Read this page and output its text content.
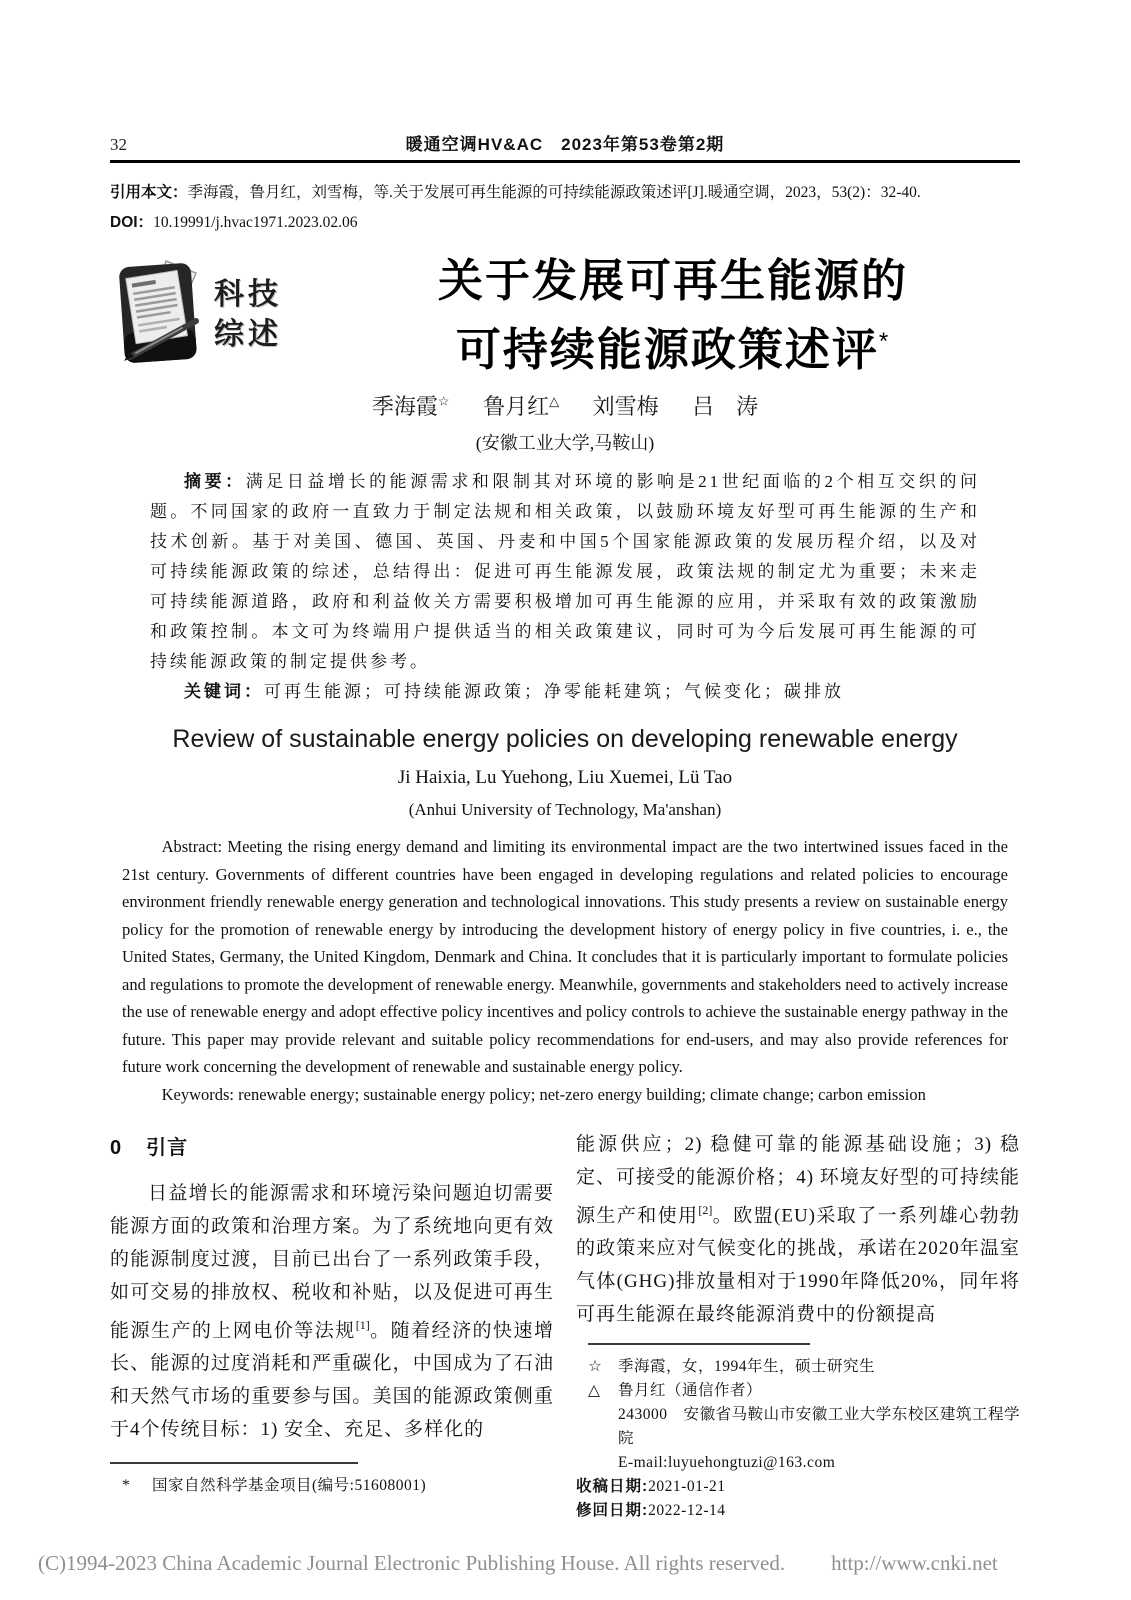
32	暖通空调HV&AC　2023年第53卷第2期

引用本文：季海霞，鲁月红，刘雪梅，等.关于发展可再生能源的可持续能源政策述评[J].暖通空调，2023，53(2)：32-40.

DOI：10.19991/j.hvac1971.2023.02.06

科技
综述
关于发展可再生能源的
可持续能源政策述评*
季海霞☆ 鲁月红△ 刘雪梅 吕　涛
(安徽工业大学,马鞍山)

摘要：满足日益增长的能源需求和限制其对环境的影响是21世纪面临的2个相互交织的问题。不同国家的政府一直致力于制定法规和相关政策，以鼓励环境友好型可再生能源的生产和技术创新。基于对美国、德国、英国、丹麦和中国5个国家能源政策的发展历程介绍，以及对可持续能源政策的综述，总结得出：促进可再生能源发展，政策法规的制定尤为重要；未来走可持续能源道路，政府和利益攸关方需要积极增加可再生能源的应用，并采取有效的政策激励和政策控制。本文可为终端用户提供适当的相关政策建议，同时可为今后发展可再生能源的可持续能源政策的制定提供参考。

关键词：可再生能源；可持续能源政策；净零能耗建筑；气候变化；碳排放

Review of sustainable energy policies on developing renewable energy
Ji Haixia, Lu Yuehong, Liu Xuemei, Lü Tao
(Anhui University of Technology, Ma'anshan)

Abstract: Meeting the rising energy demand and limiting its environmental impact are the two intertwined issues faced in the 21st century. Governments of different countries have been engaged in developing regulations and related policies to encourage environment friendly renewable energy generation and technological innovations. This study presents a review on sustainable energy policy for the promotion of renewable energy by introducing the development history of energy policy in five countries, i. e., the United States, Germany, the United Kingdom, Denmark and China. It concludes that it is particularly important to formulate policies and regulations to promote the development of renewable energy. Meanwhile, governments and stakeholders need to actively increase the use of renewable energy and adopt effective policy incentives and policy controls to achieve the sustainable energy pathway in the future. This paper may provide relevant and suitable policy recommendations for end-users, and may also provide references for future work concerning the development of renewable and sustainable energy policy.

Keywords: renewable energy; sustainable energy policy; net-zero energy building; climate change; carbon emission

0 引言

日益增长的能源需求和环境污染问题迫切需要能源方面的政策和治理方案。为了系统地向更有效的能源制度过渡，目前已出台了一系列政策手段，如可交易的排放权、税收和补贴，以及促进可再生能源生产的上网电价等法规[1]。随着经济的快速增长、能源的过度消耗和严重碳化，中国成为了石油和天然气市场的重要参与国。美国的能源政策侧重于4个传统目标：1) 安全、充足、多样化的

*	国家自然科学基金项目(编号:51608001)

能源供应；2) 稳健可靠的能源基础设施；3) 稳定、可接受的能源价格；4) 环境友好型的可持续能源生产和使用[2]。欧盟(EU)采取了一系列雄心勃勃的政策来应对气候变化的挑战，承诺在2020年温室气体(GHG)排放量相对于1990年降低20%，同年将可再生能源在最终能源消费中的份额提高

☆	季海霞，女，1994年生，硕士研究生
△	鲁月红（通信作者）
243000　安徽省马鞍山市安徽工业大学东校区建筑工程学院
E-mail:luyuehongtuzi@163.com
收稿日期: 2021-01-21
修回日期: 2022-12-14
(C)1994-2023 China Academic Journal Electronic Publishing House. All rights reserved. http://www.cnki.net
